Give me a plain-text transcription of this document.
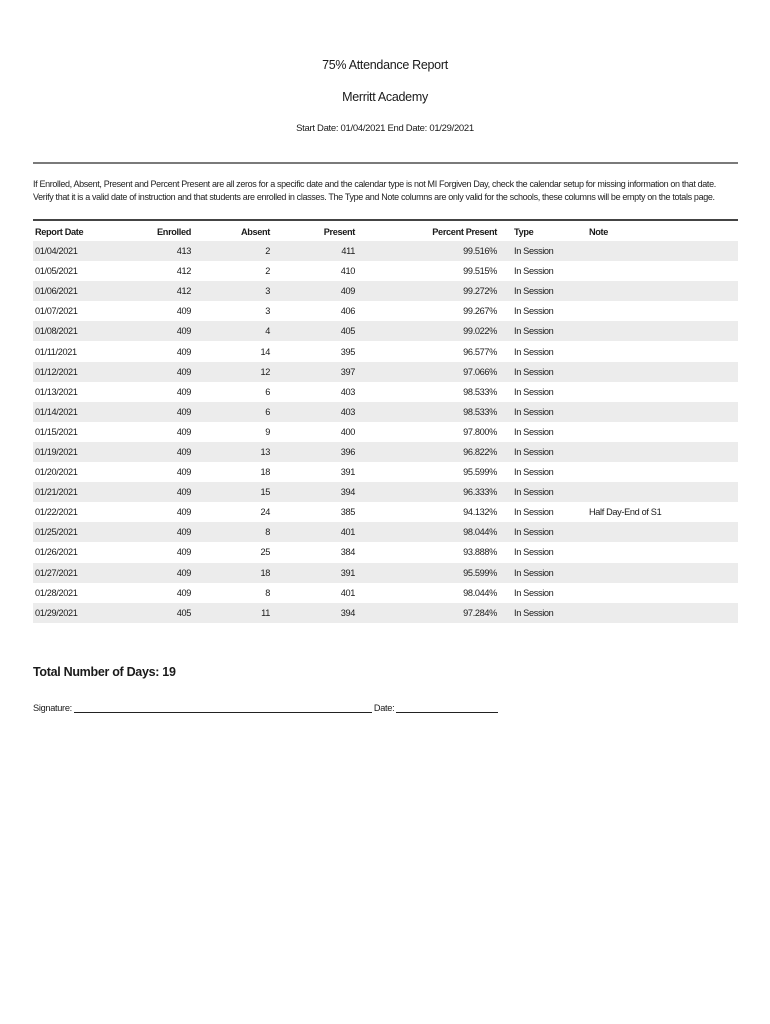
75% Attendance Report
Merritt Academy
Start Date: 01/04/2021 End Date: 01/29/2021
If Enrolled, Absent, Present and Percent Present are all zeros for a specific date and the calendar type is not MI Forgiven Day, check the calendar setup for missing information on that date. Verify that it is a valid date of instruction and that students are enrolled in classes. The Type and Note columns are only valid for the schools, these columns will be empty on the totals page.
Report Date	Enrolled	Absent	Present	Percent Present	Type	Note
01/04/2021	413	2	411	99.516%	In Session	
01/05/2021	412	2	410	99.515%	In Session	
01/06/2021	412	3	409	99.272%	In Session	
01/07/2021	409	3	406	99.267%	In Session	
01/08/2021	409	4	405	99.022%	In Session	
01/11/2021	409	14	395	96.577%	In Session	
01/12/2021	409	12	397	97.066%	In Session	
01/13/2021	409	6	403	98.533%	In Session	
01/14/2021	409	6	403	98.533%	In Session	
01/15/2021	409	9	400	97.800%	In Session	
01/19/2021	409	13	396	96.822%	In Session	
01/20/2021	409	18	391	95.599%	In Session	
01/21/2021	409	15	394	96.333%	In Session	
01/22/2021	409	24	385	94.132%	In Session	Half Day-End of S1
01/25/2021	409	8	401	98.044%	In Session	
01/26/2021	409	25	384	93.888%	In Session	
01/27/2021	409	18	391	95.599%	In Session	
01/28/2021	409	8	401	98.044%	In Session	
01/29/2021	405	11	394	97.284%	In Session	
Total Number of Days: 19
Signature:	Date:
